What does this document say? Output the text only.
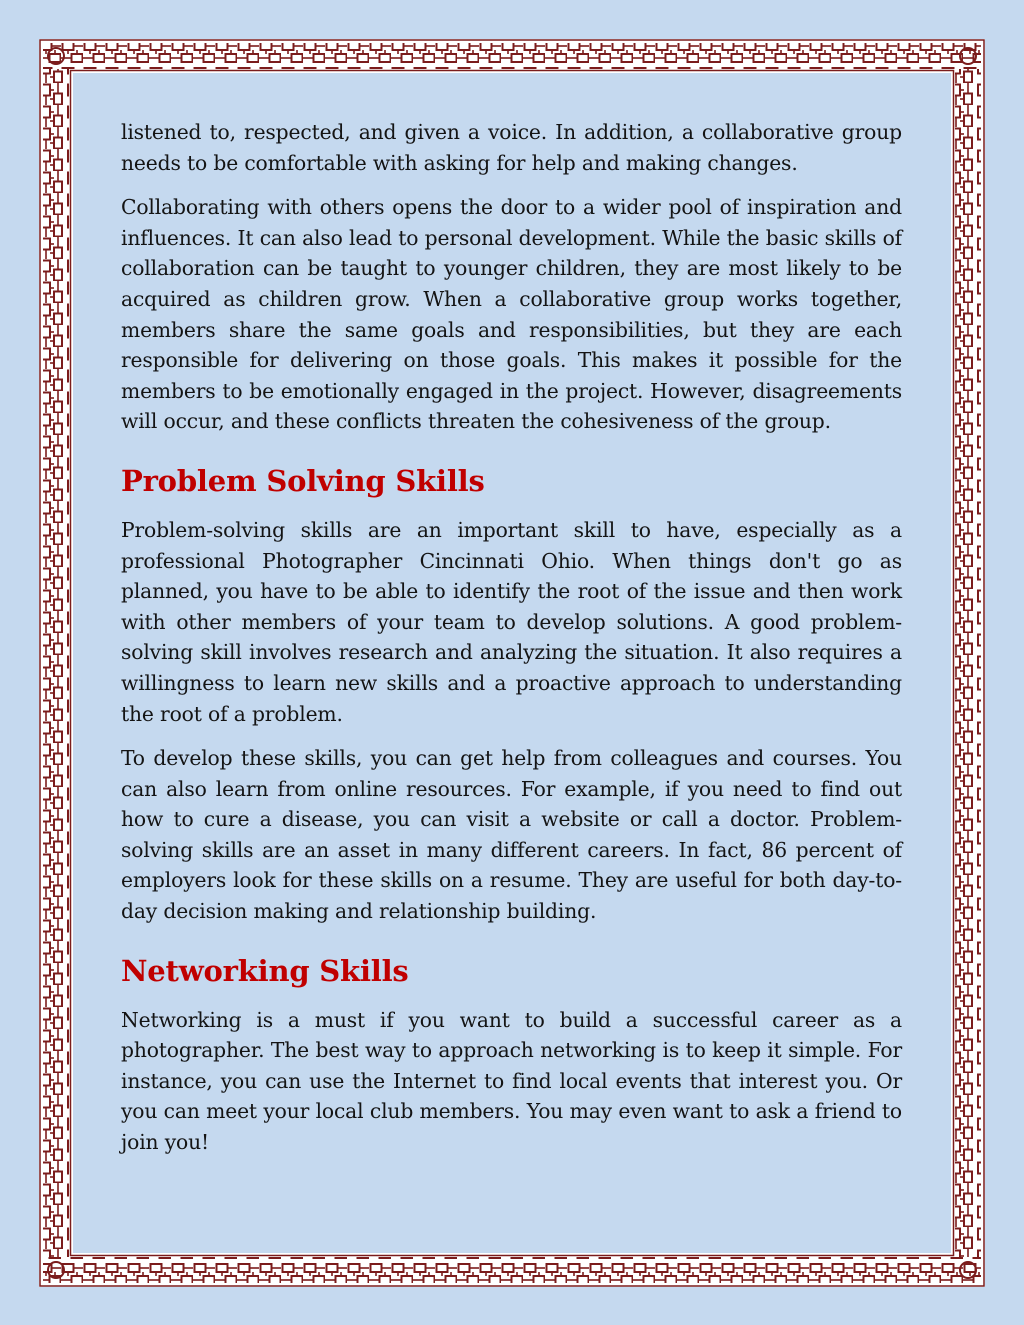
listened to, respected, and given a voice. In addition, a collaborative group needs to be comfortable with asking for help and making changes.

Collaborating with others opens the door to a wider pool of inspiration and influences. It can also lead to personal development. While the basic skills of collaboration can be taught to younger children, they are most likely to be acquired as children grow. When a collaborative group works together, members share the same goals and responsibilities, but they are each responsible for delivering on those goals. This makes it possible for the members to be emotionally engaged in the project. However, disagreements will occur, and these conflicts threaten the cohesiveness of the group.

Problem Solving Skills

Problem-solving skills are an important skill to have, especially as a professional Photographer Cincinnati Ohio. When things don't go as planned, you have to be able to identify the root of the issue and then work with other members of your team to develop solutions. A good problem-solving skill involves research and analyzing the situation. It also requires a willingness to learn new skills and a proactive approach to understanding the root of a problem.

To develop these skills, you can get help from colleagues and courses. You can also learn from online resources. For example, if you need to find out how to cure a disease, you can visit a website or call a doctor. Problem-solving skills are an asset in many different careers. In fact, 86 percent of employers look for these skills on a resume. They are useful for both day-to-day decision making and relationship building.

Networking Skills

Networking is a must if you want to build a successful career as a photographer. The best way to approach networking is to keep it simple. For instance, you can use the Internet to find local events that interest you. Or you can meet your local club members. You may even want to ask a friend to join you!
